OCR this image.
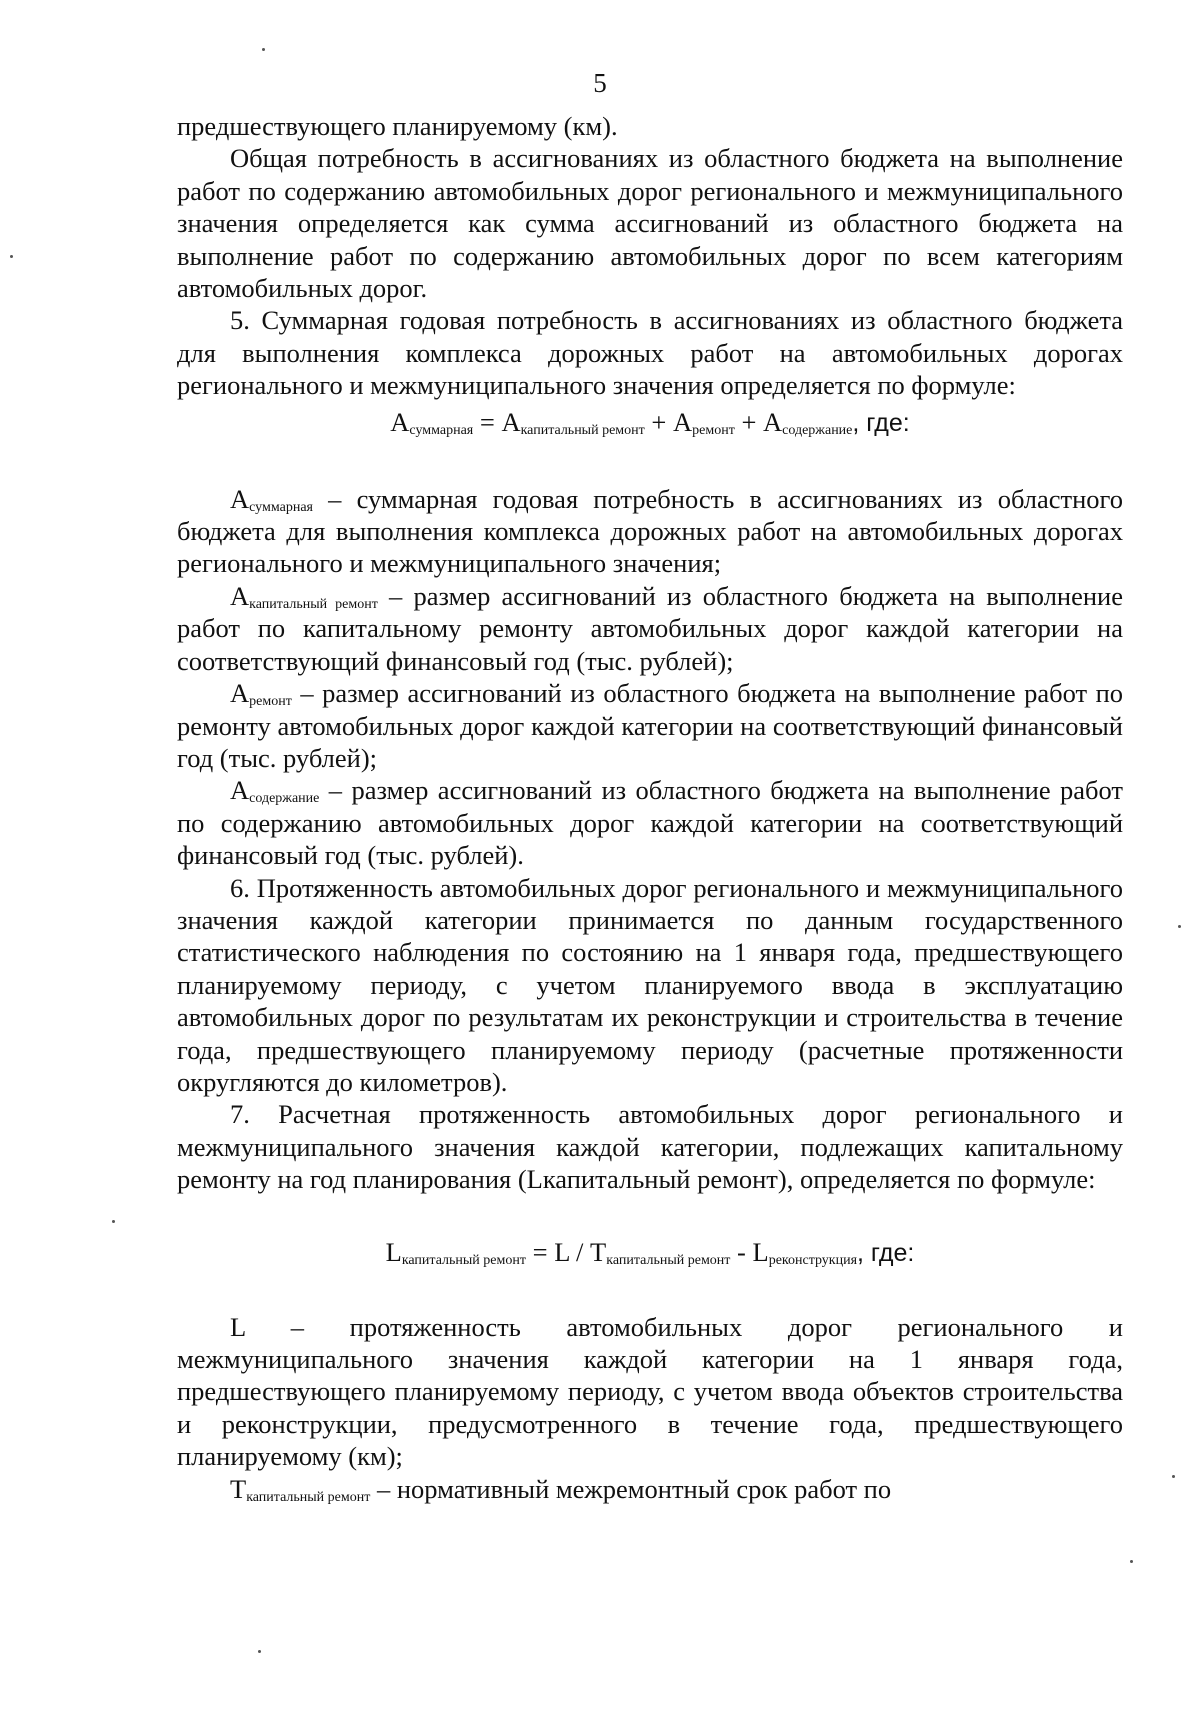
5

предшествующего планируемому (км).

Общая потребность в ассигнованиях из областного бюджета на выполнение работ по содержанию автомобильных дорог регионального и межмуниципального значения определяется как сумма ассигнований из областного бюджета на выполнение работ по содержанию автомобильных дорог по всем категориям автомобильных дорог.

5. Суммарная годовая потребность в ассигнованиях из областного бюджета для выполнения комплекса дорожных работ на автомобильных дорогах регионального и межмуниципального значения определяется по формуле:

$А_{суммарная} = А_{капитальный ремонт} + А_{ремонт} + А_{содержание}$, где:

$А_{суммарная}$ – суммарная годовая потребность в ассигнованиях из областного бюджета для выполнения комплекса дорожных работ на автомобильных дорогах регионального и межмуниципального значения;

$А_{капитальный ремонт}$ – размер ассигнований из областного бюджета на выполнение работ по капитальному ремонту автомобильных дорог каждой категории на соответствующий финансовый год (тыс. рублей);

$А_{ремонт}$ – размер ассигнований из областного бюджета на выполнение работ по ремонту автомобильных дорог каждой категории на соответствующий финансовый год (тыс. рублей);

$А_{содержание}$ – размер ассигнований из областного бюджета на выполнение работ по содержанию автомобильных дорог каждой категории на соответствующий финансовый год (тыс. рублей).

6. Протяженность автомобильных дорог регионального и межмуниципального значения каждой категории принимается по данным государственного статистического наблюдения по состоянию на 1 января года, предшествующего планируемому периоду, с учетом планируемого ввода в эксплуатацию автомобильных дорог по результатам их реконструкции и строительства в течение года, предшествующего планируемому периоду (расчетные протяженности округляются до километров).

7. Расчетная протяженность автомобильных дорог регионального и межмуниципального значения каждой категории, подлежащих капитальному ремонту на год планирования (Lкапитальный ремонт), определяется по формуле:

$L_{капитальный ремонт} = L / Т_{капитальный ремонт} - L_{реконструкция}$, где:

L – протяженность автомобильных дорог регионального и межмуниципального значения каждой категории на 1 января года, предшествующего планируемому периоду, с учетом ввода объектов строительства и реконструкции, предусмотренного в течение года, предшествующего планируемому (км);

$Т_{капитальный ремонт}$ – нормативный межремонтный срок работ по
